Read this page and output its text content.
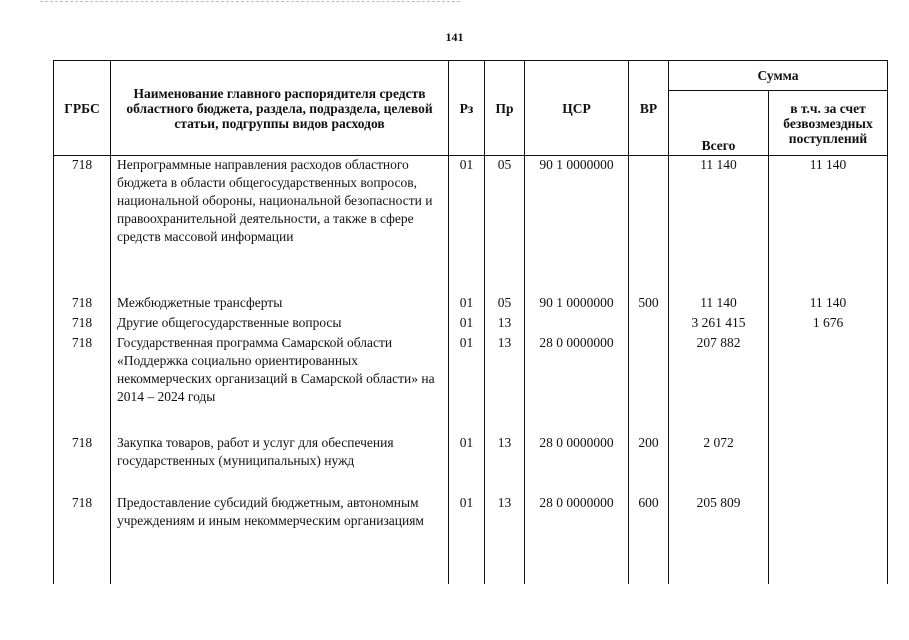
141
ГРБС	Наименование главного распорядителя средств областного бюджета, раздела, подраздела, целевой статьи, подгруппы видов расходов	Рз	Пр	ЦСР	ВР	Сумма	
						Всего	в т.ч. за счет безвозмездных поступлений
718	Непрограммные направления расходов областного бюджета в области общегосударственных вопросов, национальной обороны, национальной безопасности и правоохранительной деятельности, а также в сфере средств массовой информации	01	05	90 1 0000000		11 140	11 140
718	Межбюджетные трансферты	01	05	90 1 0000000	500	11 140	11 140
718	Другие общегосударственные вопросы	01	13			3 261 415	1 676
718	Государственная программа Самарской области «Поддержка социально ориентированных некоммерческих организаций в Самарской области» на 2014 – 2024 годы	01	13	28 0 0000000		207 882	
718	Закупка товаров, работ и услуг для обеспечения государственных (муниципальных) нужд	01	13	28 0 0000000	200	2 072	
718	Предоставление субсидий бюджетным, автономным учреждениям и иным некоммерческим организациям	01	13	28 0 0000000	600	205 809	
